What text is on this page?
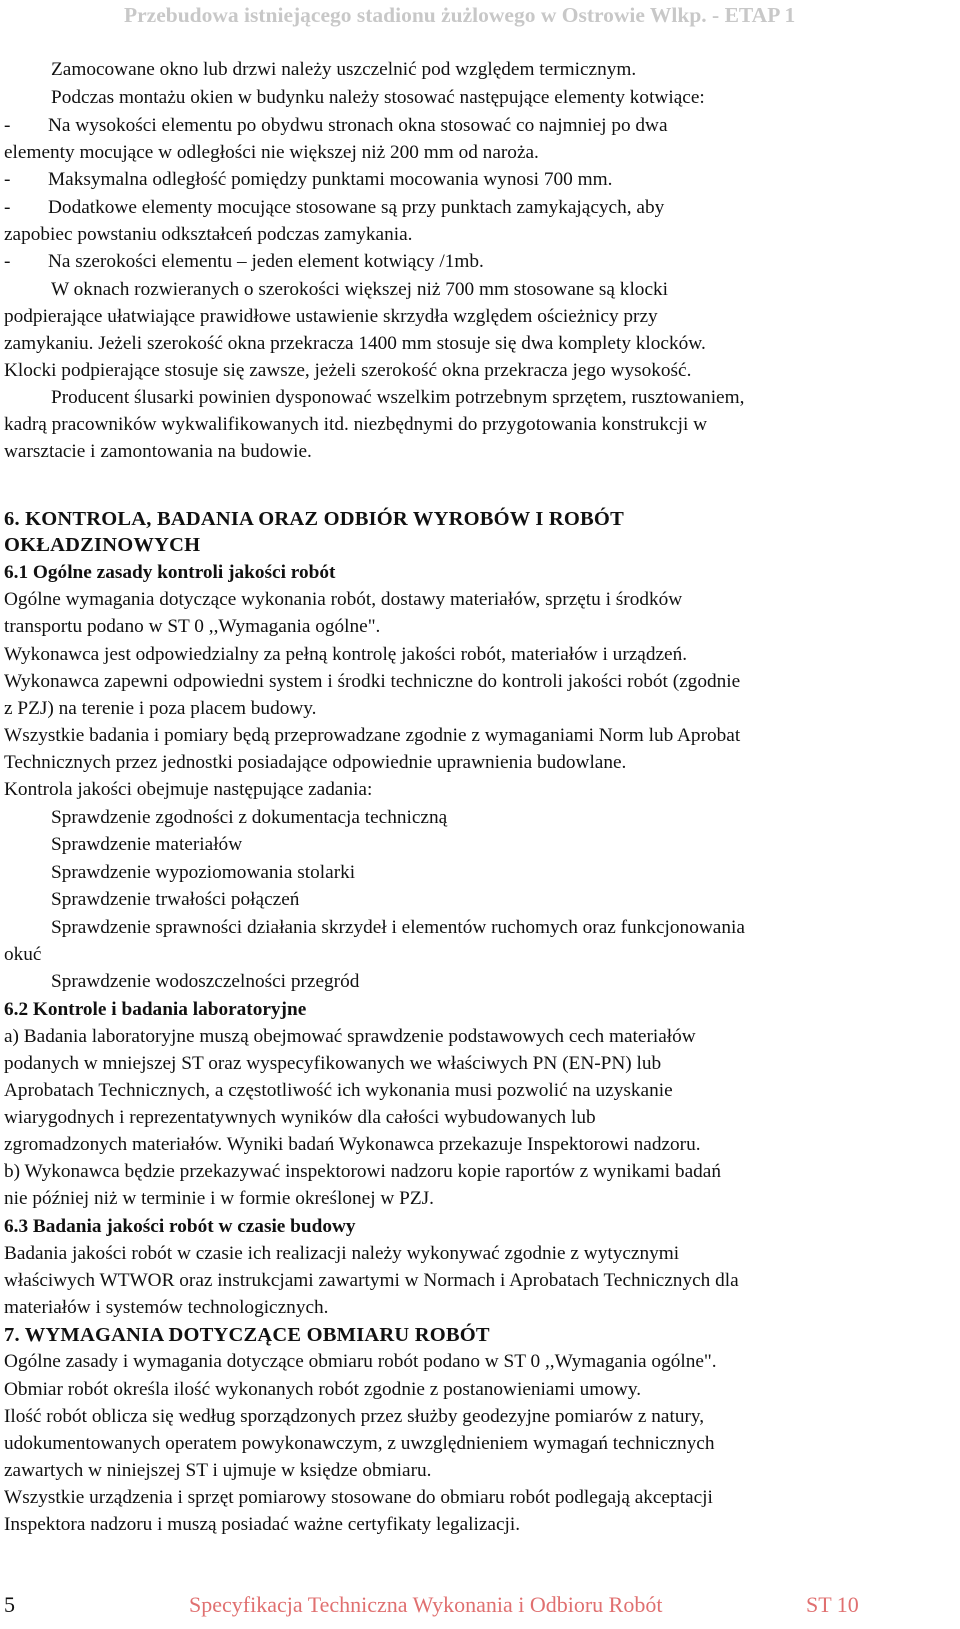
Przebudowa istniejącego stadionu żużlowego w Ostrowie Wlkp. - ETAP 1
Zamocowane okno lub drzwi należy uszczelnić pod względem termicznym.
Podczas montażu okien w budynku należy stosować następujące elementy kotwiące:
- Na wysokości elementu po obydwu stronach okna stosować co najmniej po dwa
elementy mocujące w odległości nie większej niż 200 mm od naroża.
- Maksymalna odległość pomiędzy punktami mocowania wynosi 700 mm.
- Dodatkowe elementy mocujące stosowane są przy punktach zamykających, aby
zapobiec powstaniu odkształceń podczas zamykania.
- Na szerokości elementu – jeden element kotwiący /1mb.
W oknach rozwieranych o szerokości większej niż 700 mm stosowane są klocki
podpierające ułatwiające prawidłowe ustawienie skrzydła względem ościeżnicy przy
zamykaniu. Jeżeli szerokość okna przekracza 1400 mm stosuje się dwa komplety klocków.
Klocki podpierające stosuje się zawsze, jeżeli szerokość okna przekracza jego wysokość.
Producent ślusarki powinien dysponować wszelkim potrzebnym sprzętem, rusztowaniem,
kadrą pracowników wykwalifikowanych itd. niezbędnymi do przygotowania konstrukcji w
warsztacie i zamontowania na budowie.
6. KONTROLA, BADANIA ORAZ ODBIÓR WYROBÓW I ROBÓT
OKŁADZINOWYCH
6.1 Ogólne zasady kontroli jakości robót
Ogólne wymagania dotyczące wykonania robót, dostawy materiałów, sprzętu i środków
transportu podano w ST 0 ,,Wymagania ogólne".
Wykonawca jest odpowiedzialny za pełną kontrolę jakości robót, materiałów i urządzeń.
Wykonawca zapewni odpowiedni system i środki techniczne do kontroli jakości robót (zgodnie
z PZJ) na terenie i poza placem budowy.
Wszystkie badania i pomiary będą przeprowadzane zgodnie z wymaganiami Norm lub Aprobat
Technicznych przez jednostki posiadające odpowiednie uprawnienia budowlane.
Kontrola jakości obejmuje następujące zadania:
Sprawdzenie zgodności z dokumentacja techniczną
Sprawdzenie materiałów
Sprawdzenie wypoziomowania stolarki
Sprawdzenie trwałości połączeń
Sprawdzenie sprawności działania skrzydeł i elementów ruchomych oraz funkcjonowania
okuć
Sprawdzenie wodoszczelności przegród
6.2 Kontrole i badania laboratoryjne
a) Badania laboratoryjne muszą obejmować sprawdzenie podstawowych cech materiałów
podanych w mniejszej ST oraz wyspecyfikowanych we właściwych PN (EN-PN) lub
Aprobatach Technicznych, a częstotliwość ich wykonania musi pozwolić na uzyskanie
wiarygodnych i reprezentatywnych wyników dla całości wybudowanych lub
zgromadzonych materiałów. Wyniki badań Wykonawca przekazuje Inspektorowi nadzoru.
b) Wykonawca będzie przekazywać inspektorowi nadzoru kopie raportów z wynikami badań
nie później niż w terminie i w formie określonej w PZJ.
6.3 Badania jakości robót w czasie budowy
Badania jakości robót w czasie ich realizacji należy wykonywać zgodnie z wytycznymi
właściwych WTWOR oraz instrukcjami zawartymi w Normach i Aprobatach Technicznych dla
materiałów i systemów technologicznych.
7. WYMAGANIA DOTYCZĄCE OBMIARU ROBÓT
Ogólne zasady i wymagania dotyczące obmiaru robót podano w ST 0 ,,Wymagania ogólne".
Obmiar robót określa ilość wykonanych robót zgodnie z postanowieniami umowy.
Ilość robót oblicza się według sporządzonych przez służby geodezyjne pomiarów z natury,
udokumentowanych operatem powykonawczym, z uwzględnieniem wymagań technicznych
zawartych w niniejszej ST i ujmuje w księdze obmiaru.
Wszystkie urządzenia i sprzęt pomiarowy stosowane do obmiaru robót podlegają akceptacji
Inspektora nadzoru i muszą posiadać ważne certyfikaty legalizacji.
5	Specyfikacja Techniczna Wykonania i Odbioru Robót	ST 10
